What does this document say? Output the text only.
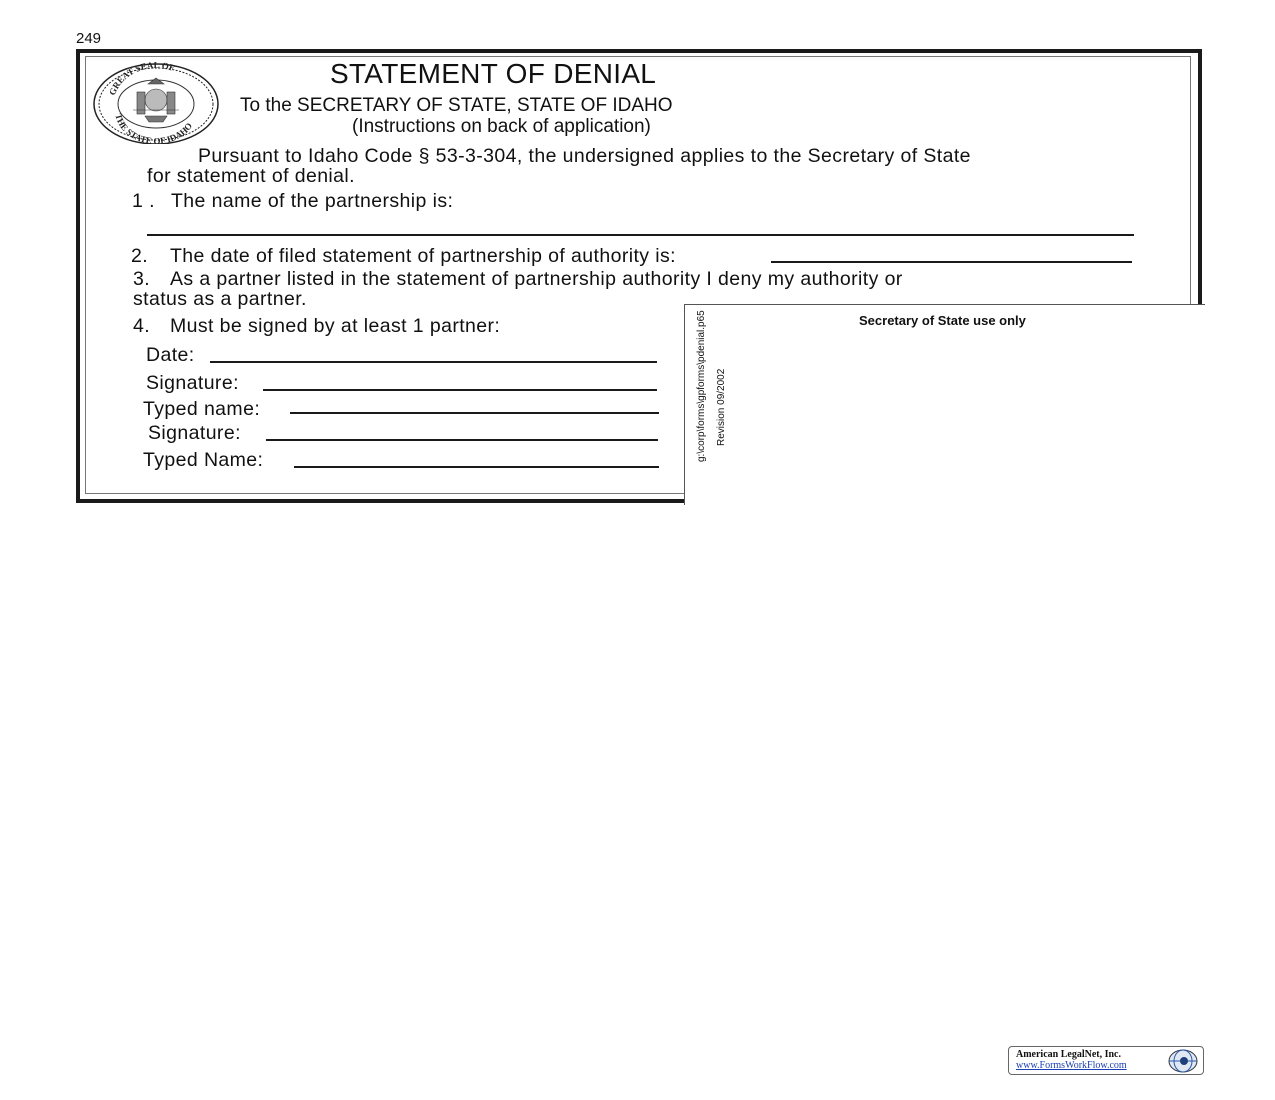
249
GREAT SEAL OF
THE STATE OF IDAHO
STATEMENT OF DENIAL
To the SECRETARY OF STATE, STATE OF IDAHO
(Instructions on back of application)
Pursuant to Idaho Code § 53-3-304, the undersigned applies to the Secretary of State
for statement of denial.
1 . The name of the partnership is:
2. The date of filed statement of partnership of authority is:
3. As a partner listed in the statement of partnership authority I deny my authority or
status as a partner.
Secretary of State use only
g:\corp\forms\gpforms\pdenial.p65 Revision 09/2002
4. Must be signed by at least 1 partner:
Date:
Signature:
Typed name:
Signature:
Typed Name:
American LegalNet, Inc.
www.FormsWorkFlow.com
